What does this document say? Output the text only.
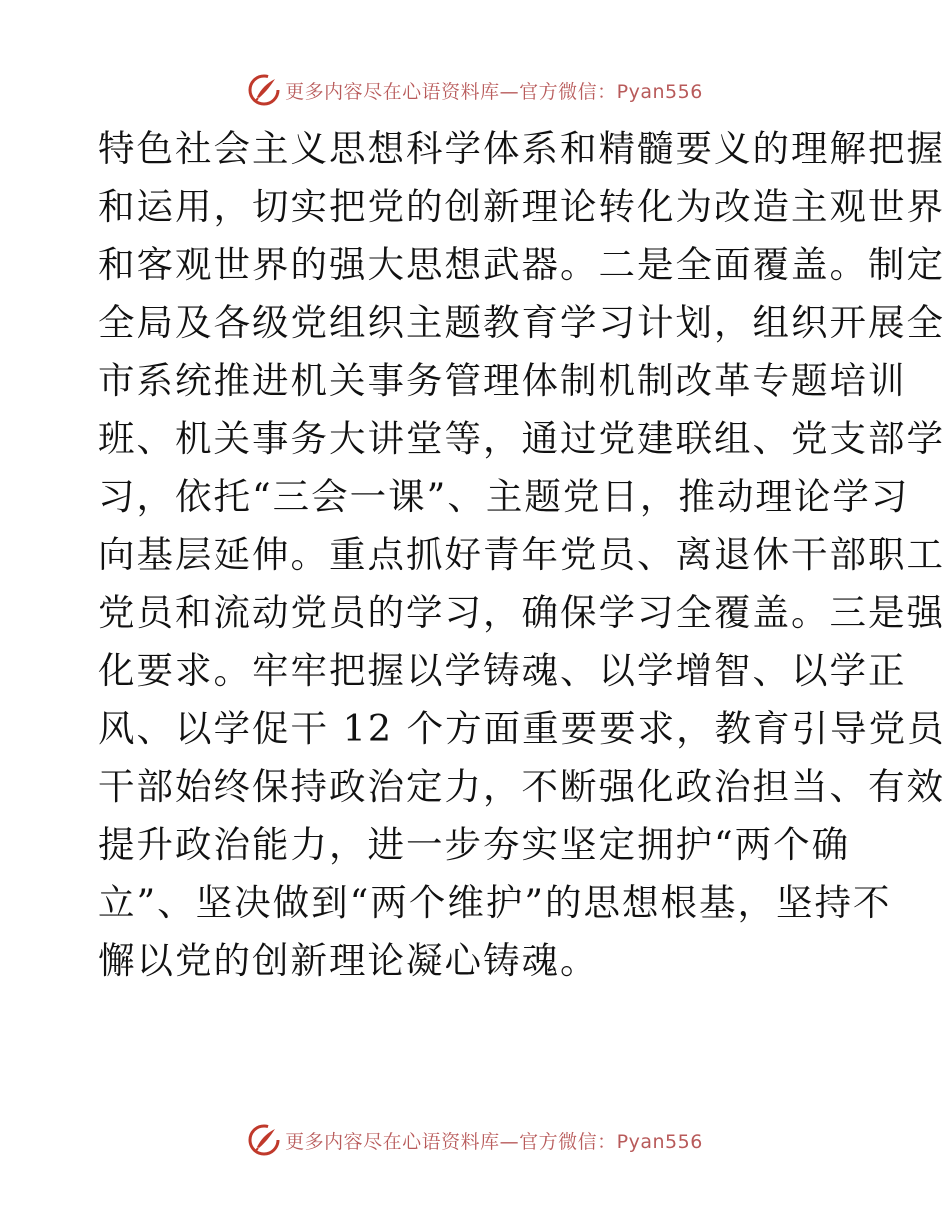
更多内容尽在心语资料库—官方微信：Pyan556
特色社会主义思想科学体系和精髓要义的理解把握
和运用，切实把党的创新理论转化为改造主观世界
和客观世界的强大思想武器。二是全面覆盖。制定
全局及各级党组织主题教育学习计划，组织开展全
市系统推进机关事务管理体制机制改革专题培训
班、机关事务大讲堂等，通过党建联组、党支部学
习，依托“三会一课”、主题党日，推动理论学习
向基层延伸。重点抓好青年党员、离退休干部职工
党员和流动党员的学习，确保学习全覆盖。三是强
化要求。牢牢把握以学铸魂、以学增智、以学正
风、以学促干 12 个方面重要要求，教育引导党员
干部始终保持政治定力，不断强化政治担当、有效
提升政治能力，进一步夯实坚定拥护“两个确
立”、坚决做到“两个维护”的思想根基，坚持不
懈以党的创新理论凝心铸魂。
更多内容尽在心语资料库—官方微信：Pyan556
